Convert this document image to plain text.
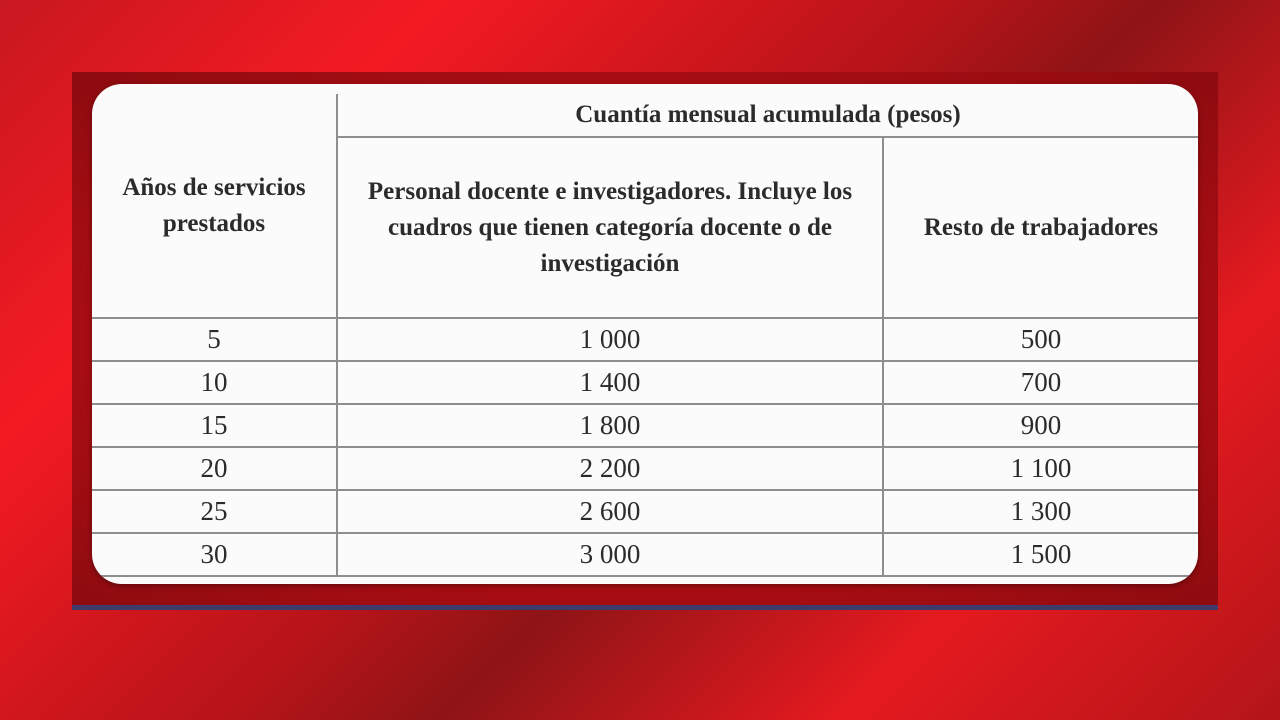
Años de servicios prestados	Cuantía mensual acumulada (pesos)	
	Personal docente e investigadores. Incluye los cuadros que tienen categoría docente o de investigación	Resto de trabajadores
5	1 000	500
10	1 400	700
15	1 800	900
20	2 200	1 100
25	2 600	1 300
30	3 000	1 500
